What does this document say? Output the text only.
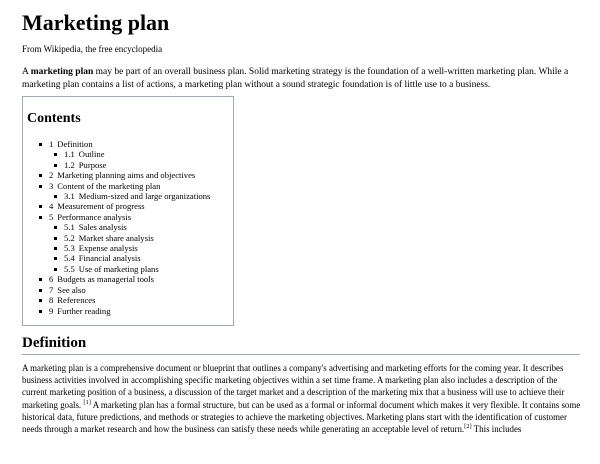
Marketing plan
From Wikipedia, the free encyclopedia

A marketing plan may be part of an overall business plan. Solid marketing strategy is the foundation of a well-written marketing plan. While a marketing plan contains a list of actions, a marketing plan without a sound strategic foundation is of little use to a business.

Contents
1 Definition
1.1 Outline
1.2 Purpose
2 Marketing planning aims and objectives
3 Content of the marketing plan
3.1 Medium-sized and large organizations
4 Measurement of progress
5 Performance analysis
5.1 Sales analysis
5.2 Market share analysis
5.3 Expense analysis
5.4 Financial analysis
5.5 Use of marketing plans
6 Budgets as managerial tools
7 See also
8 References
9 Further reading
Definition

A marketing plan is a comprehensive document or blueprint that outlines a company's advertising and marketing efforts for the coming year. It describes business activities involved in accomplishing specific marketing objectives within a set time frame. A marketing plan also includes a description of the current marketing position of a business, a discussion of the target market and a description of the marketing mix that a business will use to achieve their marketing goals. [1] A marketing plan has a formal structure, but can be used as a formal or informal document which makes it very flexible. It contains some historical data, future predictions, and methods or strategies to achieve the marketing objectives. Marketing plans start with the identification of customer needs through a market research and how the business can satisfy these needs while generating an acceptable level of return.[2] This includes
